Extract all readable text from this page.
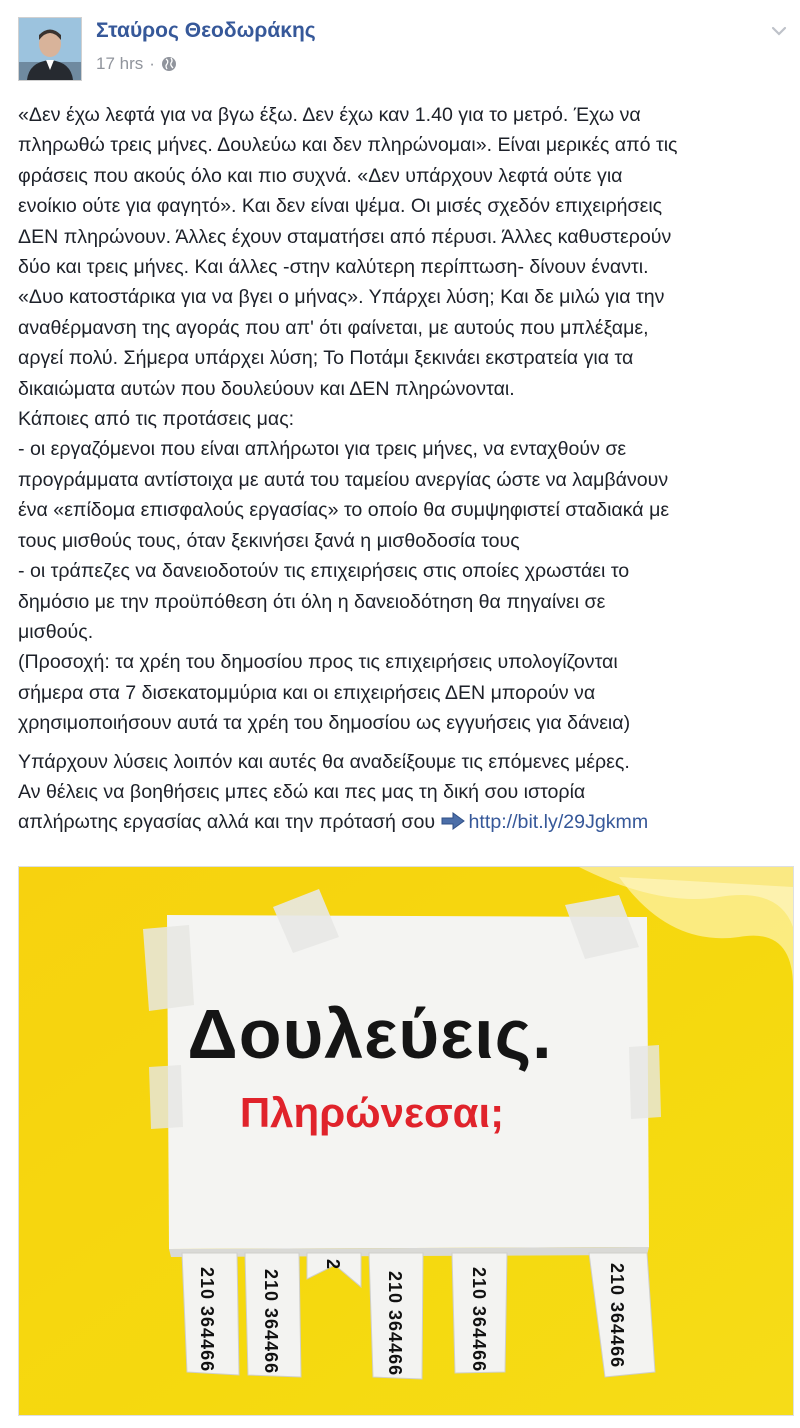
Σταύρος Θεοδωράκης
17 hrs ·

«Δεν έχω λεφτά για να βγω έξω. Δεν έχω καν 1.40 για το μετρό. Έχω να

πληρωθώ τρεις μήνες. Δουλεύω και δεν πληρώνομαι». Είναι μερικές από τις

φράσεις που ακούς όλο και πιο συχνά. «Δεν υπάρχουν λεφτά ούτε για

ενοίκιο ούτε για φαγητό». Και δεν είναι ψέμα. Οι μισές σχεδόν επιχειρήσεις

ΔΕΝ πληρώνουν. Άλλες έχουν σταματήσει από πέρυσι. Άλλες καθυστερούν

δύο και τρεις μήνες. Και άλλες -στην καλύτερη περίπτωση- δίνουν έναντι.

«Δυο κατοστάρικα για να βγει ο μήνας». Υπάρχει λύση; Και δε μιλώ για την

αναθέρμανση της αγοράς που απ' ότι φαίνεται, με αυτούς που μπλέξαμε,

αργεί πολύ. Σήμερα υπάρχει λύση; Το Ποτάμι ξεκινάει εκστρατεία για τα

δικαιώματα αυτών που δουλεύουν και ΔΕΝ πληρώνονται.

Κάποιες από τις προτάσεις μας:

- οι εργαζόμενοι που είναι απλήρωτοι για τρεις μήνες, να ενταχθούν σε

προγράμματα αντίστοιχα με αυτά του ταμείου ανεργίας ώστε να λαμβάνουν

ένα «επίδομα επισφαλούς εργασίας» το οποίο θα συμψηφιστεί σταδιακά με

τους μισθούς τους, όταν ξεκινήσει ξανά η μισθοδοσία τους

- οι τράπεζες να δανειοδοτούν τις επιχειρήσεις στις οποίες χρωστάει το

δημόσιο με την προϋπόθεση ότι όλη η δανειοδότηση θα πηγαίνει σε

μισθούς.

(Προσοχή: τα χρέη του δημοσίου προς τις επιχειρήσεις υπολογίζονται

σήμερα στα 7 δισεκατομμύρια και οι επιχειρήσεις ΔΕΝ μπορούν να

χρησιμοποιήσουν αυτά τα χρέη του δημοσίου ως εγγυήσεις για δάνεια)

Υπάρχουν λύσεις λοιπόν και αυτές θα αναδείξουμε τις επόμενες μέρες.

Αν θέλεις να βοηθήσεις μπες εδώ και πες μας τη δική σου ιστορία

απλήρωτης εργασίας αλλά και την πρότασή σου http://bit.ly/29Jgkmm

Δουλεύεις.
Πληρώνεσαι;
210 364466 210 364466
2
210 364466	210 364466	210 364466
